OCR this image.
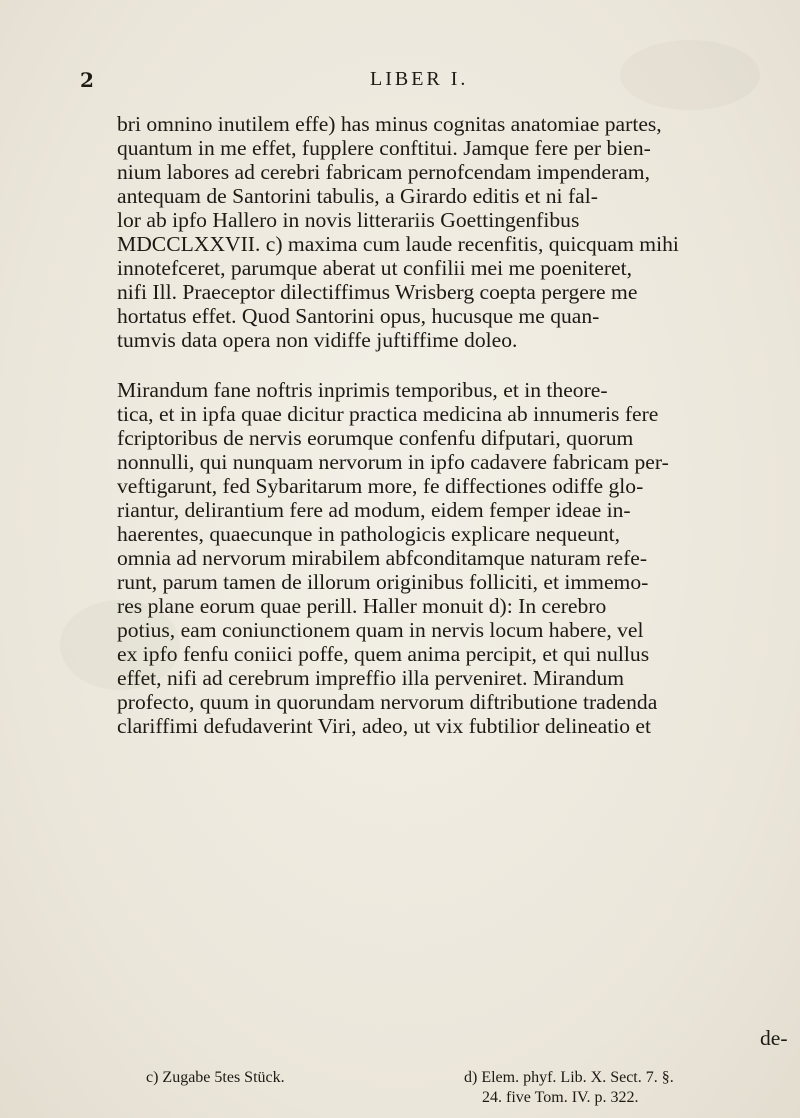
2	LIBER I.
bri omnino inutilem effe) has minus cognitas anatomiae partes,
quantum in me effet, fupplere conftitui. Jamque fere per bien-
nium labores ad cerebri fabricam pernofcendam impenderam,
antequam de Santorini tabulis, a Girardo editis et ni fal-
lor ab ipfo Hallero in novis litterariis Goettingenfibus
MDCCLXXVII. c) maxima cum laude recenfitis, quicquam mihi
innotefceret, parumque aberat ut confilii mei me poeniteret,
nifi Ill. Praeceptor dilectiffimus Wrisberg coepta pergere me
hortatus effet. Quod Santorini opus, hucusque me quan-
tumvis data opera non vidiffe juftiffime doleo.
Mirandum fane noftris inprimis temporibus, et in theore-
tica, et in ipfa quae dicitur practica medicina ab innumeris fere
fcriptoribus de nervis eorumque confenfu difputari, quorum
nonnulli, qui nunquam nervorum in ipfo cadavere fabricam per-
veftigarunt, fed Sybaritarum more, fe diffectiones odiffe glo-
riantur, delirantium fere ad modum, eidem femper ideae in-
haerentes, quaecunque in pathologicis explicare nequeunt,
omnia ad nervorum mirabilem abfconditamque naturam refe-
runt, parum tamen de illorum originibus folliciti, et immemo-
res plane eorum quae perill. Haller monuit d): In cerebro
potius, eam coniunctionem quam in nervis locum habere, vel
ex ipfo fenfu coniici poffe, quem anima percipit, et qui nullus
effet, nifi ad cerebrum impreffio illa perveniret. Mirandum
profecto, quum in quorundam nervorum diftributione tradenda
clariffimi defudaverint Viri, adeo, ut vix fubtilior delineatio et
de-
c) Zugabe 5tes Stück.	d) Elem. phyf. Lib. X. Sect. 7. §.
24. five Tom. IV. p. 322.
